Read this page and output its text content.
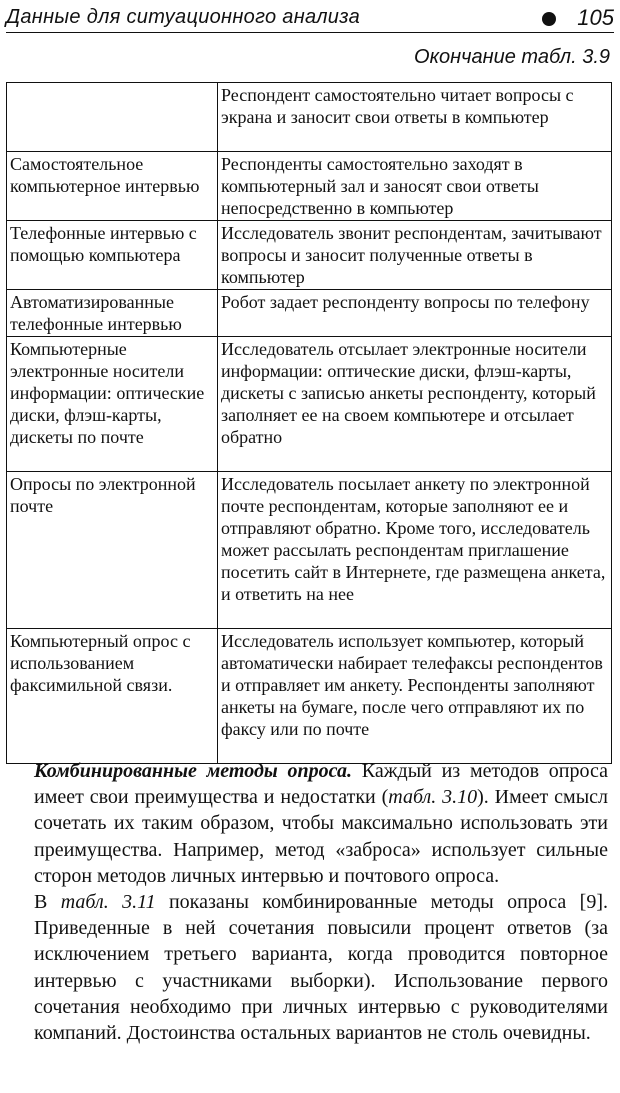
Данные для ситуационного анализа	105
Окончание табл. 3.9
	Респондент самостоятельно читает вопросы с экрана и заносит свои ответы в компьютер
Самостоятельное компьютерное интервью	Респонденты самостоятельно заходят в компьютерный зал и заносят свои ответы непосредственно в компьютер
Телефонные интервью с помощью компьютера	Исследователь звонит респондентам, зачитывают вопросы и заносит полученные ответы в компьютер
Автоматизированные телефонные интервью	Робот задает респонденту вопросы по телефону
Компьютерные электронные носители информации: оптические диски, флэш-карты, дискеты по почте	Исследователь отсылает электронные носители информации: оптические диски, флэш-карты, дискеты с записью анкеты респонденту, который заполняет ее на своем компьютере и отсылает обратно
Опросы по электронной почте	Исследователь посылает анкету по электронной почте респондентам, которые заполняют ее и отправляют обратно. Кроме того, исследователь может рассылать респондентам приглашение посетить сайт в Интернете, где размещена анкета, и ответить на нее
Компьютерный опрос с использованием факсимильной связи.	Исследователь использует компьютер, который автоматически набирает телефаксы респондентов и отправляет им анкету. Респонденты заполняют анкеты на бумаге, после чего отправляют их по факсу или по почте

Комбинированные методы опроса. Каждый из методов опроса имеет свои преимущества и недостатки (табл. 3.10). Имеет смысл сочетать их таким образом, чтобы максимально использовать эти преимущества. Например, метод «заброса» использует сильные сторон методов личных интервью и почтового опроса.

В табл. 3.11 показаны комбинированные методы опроса [9]. Приведенные в ней сочетания повысили процент ответов (за исключением третьего варианта, когда проводится повторное интервью с участниками выборки). Использование первого сочетания необходимо при личных интервью с руководителями компаний. Достоинства остальных вариантов не столь очевидны.
